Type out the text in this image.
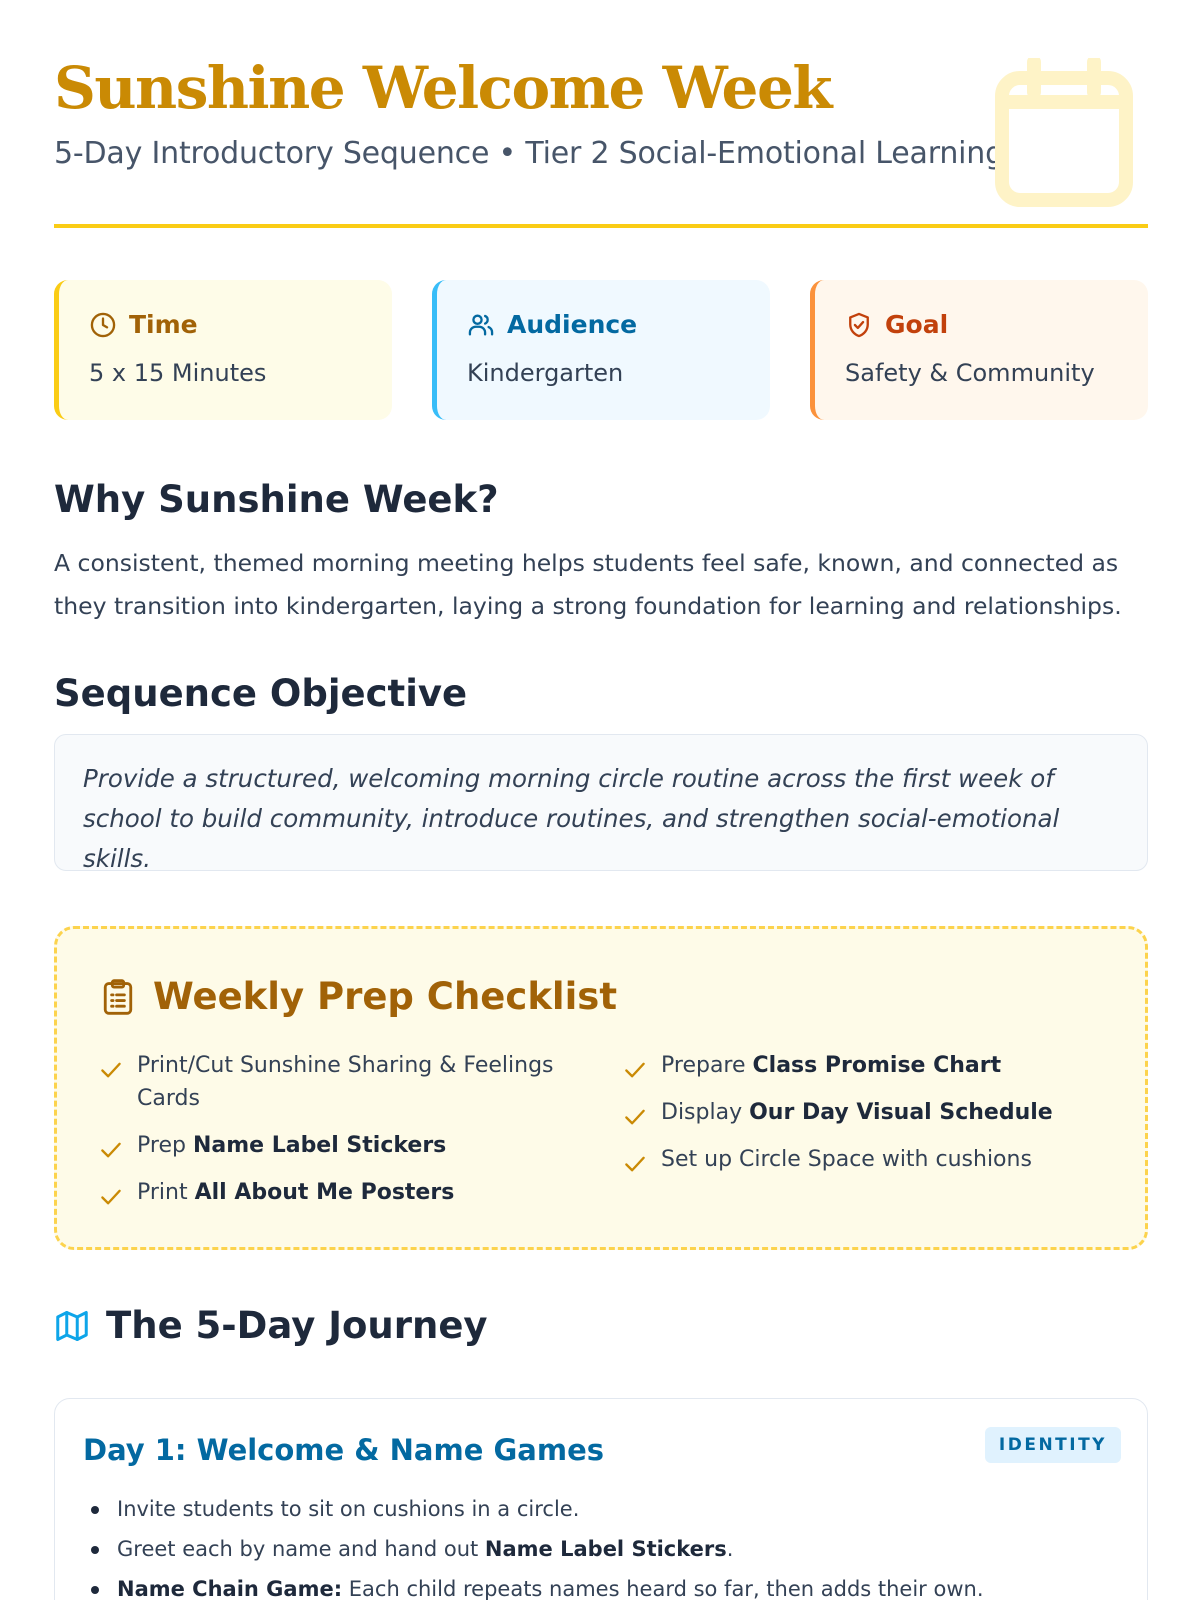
Sunshine Welcome Week
5-Day Introductory Sequence • Tier 2 Social-Emotional Learning
Time
5 x 15 Minutes
Audience
Kindergarten
Goal
Safety & Community
Why Sunshine Week?

A consistent, themed morning meeting helps students feel safe, known, and connected as they transition into kindergarten, laying a strong foundation for learning and relationships.

Sequence Objective
Provide a structured, welcoming morning circle routine across the first week of school to build community, introduce routines, and strengthen social-emotional skills.
Weekly Prep Checklist
Print/Cut Sunshine Sharing & Feelings Cards
Prep Name Label Stickers
Print All About Me Posters
Prepare Class Promise Chart
Display Our Day Visual Schedule
Set up Circle Space with cushions
The 5-Day Journey
Day 1: Welcome & Name Games	IDENTITY
Invite students to sit on cushions in a circle.
Greet each by name and hand out Name Label Stickers.
Name Chain Game: Each child repeats names heard so far, then adds their own.
